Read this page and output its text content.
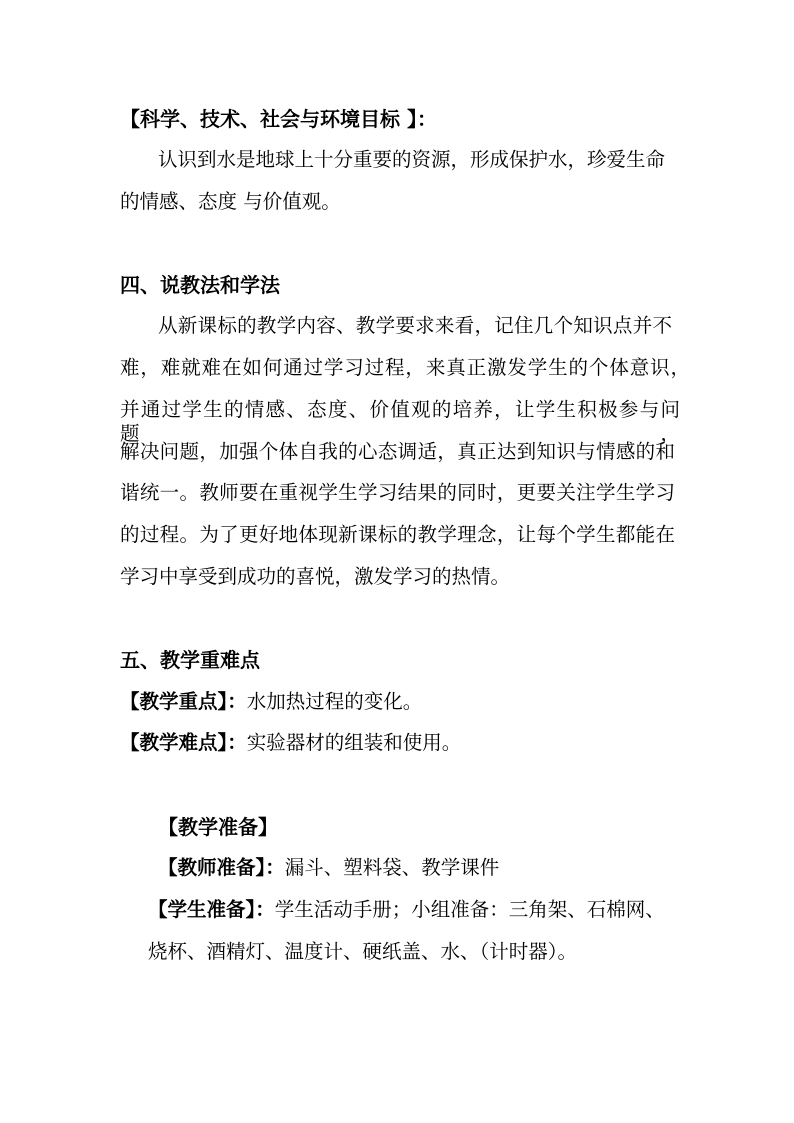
【科学、技术、社会与环境目标 】：
认识到水是地球上十分重要的资源，形成保护水，珍爱生命
的情感、态度 与价值观。
四、说教法和学法
从新课标的教学内容、教学要求来看，记住几个知识点并不
难，难就难在如何通过学习过程，来真正激发学生的个体意识，
并通过学生的情感、态度、价值观的培养，让学生积极参与问题，
解决问题，加强个体自我的心态调适，真正达到知识与情感的和
谐统一。教师要在重视学生学习结果的同时，更要关注学生学习
的过程。为了更好地体现新课标的教学理念，让每个学生都能在
学习中享受到成功的喜悦，激发学习的热情。
五、教学重难点
【教学重点】：水加热过程的变化。
【教学难点】：实验器材的组装和使用。
【教学准备】
【教师准备】：漏斗、塑料袋、教学课件
【学生准备】：学生活动手册；小组准备：三角架、石棉网、
烧杯、酒精灯、温度计、硬纸盖、水、（计时器）。
